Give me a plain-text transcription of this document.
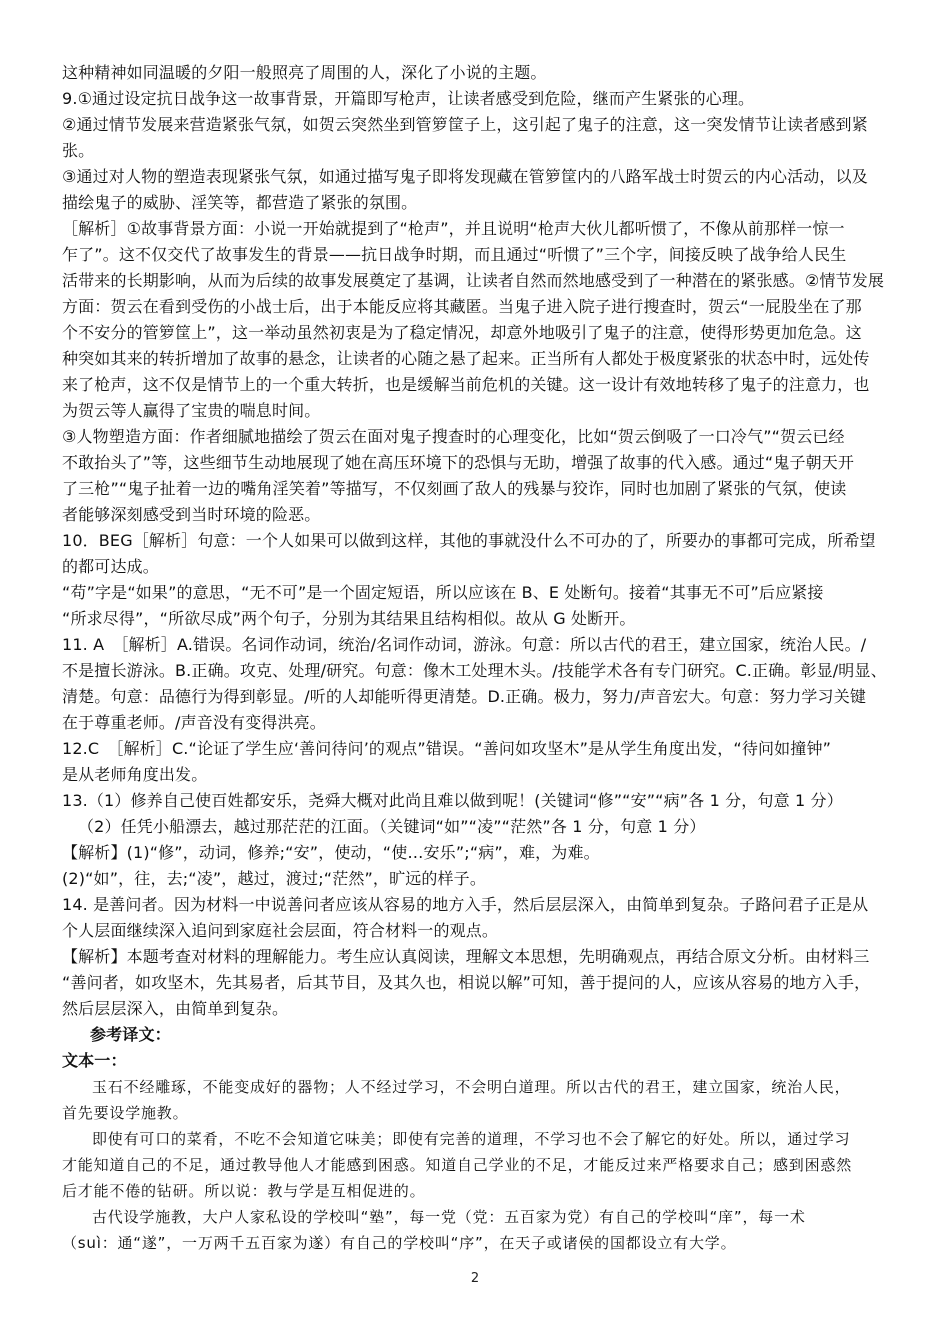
这种精神如同温暖的夕阳一般照亮了周围的人，深化了小说的主题。

9.①通过设定抗日战争这一故事背景，开篇即写枪声，让读者感受到危险，继而产生紧张的心理。

②通过情节发展来营造紧张气氛，如贺云突然坐到管箩筐子上，这引起了鬼子的注意，这一突发情节让读者感到紧

张。

③通过对人物的塑造表现紧张气氛，如通过描写鬼子即将发现藏在管箩筐内的八路军战士时贺云的内心活动，以及

描绘鬼子的威胁、淫笑等，都营造了紧张的氛围。

［解析］①故事背景方面：小说一开始就提到了“枪声”，并且说明“枪声大伙儿都听惯了，不像从前那样一惊一

乍了”。这不仅交代了故事发生的背景——抗日战争时期，而且通过“听惯了”三个字，间接反映了战争给人民生

活带来的长期影响，从而为后续的故事发展奠定了基调，让读者自然而然地感受到了一种潜在的紧张感。②情节发展

方面：贺云在看到受伤的小战士后，出于本能反应将其藏匿。当鬼子进入院子进行搜查时，贺云“一屁股坐在了那

个不安分的管箩筐上”，这一举动虽然初衷是为了稳定情况，却意外地吸引了鬼子的注意，使得形势更加危急。这

种突如其来的转折增加了故事的悬念，让读者的心随之悬了起来。正当所有人都处于极度紧张的状态中时，远处传

来了枪声，这不仅是情节上的一个重大转折，也是缓解当前危机的关键。这一设计有效地转移了鬼子的注意力，也

为贺云等人赢得了宝贵的喘息时间。

③人物塑造方面：作者细腻地描绘了贺云在面对鬼子搜查时的心理变化，比如“贺云倒吸了一口冷气”“贺云已经

不敢抬头了”等，这些细节生动地展现了她在高压环境下的恐惧与无助，增强了故事的代入感。通过“鬼子朝天开

了三枪”“鬼子扯着一边的嘴角淫笑着”等描写，不仅刻画了敌人的残暴与狡诈，同时也加剧了紧张的气氛，使读

者能够深刻感受到当时环境的险恶。

10．BEG［解析］句意：一个人如果可以做到这样，其他的事就没什么不可办的了，所要办的事都可完成，所希望

的都可达成。

“苟”字是“如果”的意思，“无不可”是一个固定短语，所以应该在 B、E 处断句。接着“其事无不可”后应紧接

“所求尽得”，“所欲尽成”两个句子，分别为其结果且结构相似。故从 G 处断开。

11. A　［解析］A.错误。名词作动词，统治/名词作动词，游泳。句意：所以古代的君王，建立国家，统治人民。/

不是擅长游泳。B.正确。攻克、处理/研究。句意：像木工处理木头。/技能学术各有专门研究。C.正确。彰显/明显、

清楚。句意：品德行为得到彰显。/听的人却能听得更清楚。D.正确。极力，努力/声音宏大。句意：努力学习关键

在于尊重老师。/声音没有变得洪亮。

12.C　［解析］C.“论证了学生应‘善问待问’的观点”错误。“善问如攻坚木”是从学生角度出发，“待问如撞钟”

是从老师角度出发。

13.（1）修养自己使百姓都安乐，尧舜大概对此尚且难以做到呢！(关键词“修”“安”“病”各 1 分，句意 1 分）

（2）任凭小船漂去，越过那茫茫的江面。（关键词“如”“凌”“茫然”各 1 分，句意 1 分）

【解析】(1)“修”，动词，修养;“安”，使动，“使…安乐”;“病”，难，为难。

(2)“如”，往，去;“凌”，越过，渡过;“茫然”，旷远的样子。

14. 是善问者。因为材料一中说善问者应该从容易的地方入手，然后层层深入，由简单到复杂。子路问君子正是从

个人层面继续深入追问到家庭社会层面，符合材料一的观点。

【解析】本题考查对材料的理解能力。考生应认真阅读，理解文本思想，先明确观点，再结合原文分析。由材料三

“善问者，如攻坚木，先其易者，后其节目，及其久也，相说以解”可知，善于提问的人，应该从容易的地方入手，

然后层层深入，由简单到复杂。

参考译文：

文本一：

玉石不经雕琢，不能变成好的器物；人不经过学习，不会明白道理。所以古代的君王，建立国家，统治人民，

首先要设学施教。

即使有可口的菜肴，不吃不会知道它味美；即使有完善的道理，不学习也不会了解它的好处。所以，通过学习

才能知道自己的不足，通过教导他人才能感到困惑。知道自己学业的不足，才能反过来严格要求自己；感到困惑然

后才能不倦的钻研。所以说：教与学是互相促进的。

古代设学施教，大户人家私设的学校叫“塾”，每一党（党：五百家为党）有自己的学校叫“庠”，每一术

（suì：通“遂”，一万两千五百家为遂）有自己的学校叫“序”，在天子或诸侯的国都设立有大学。

2
